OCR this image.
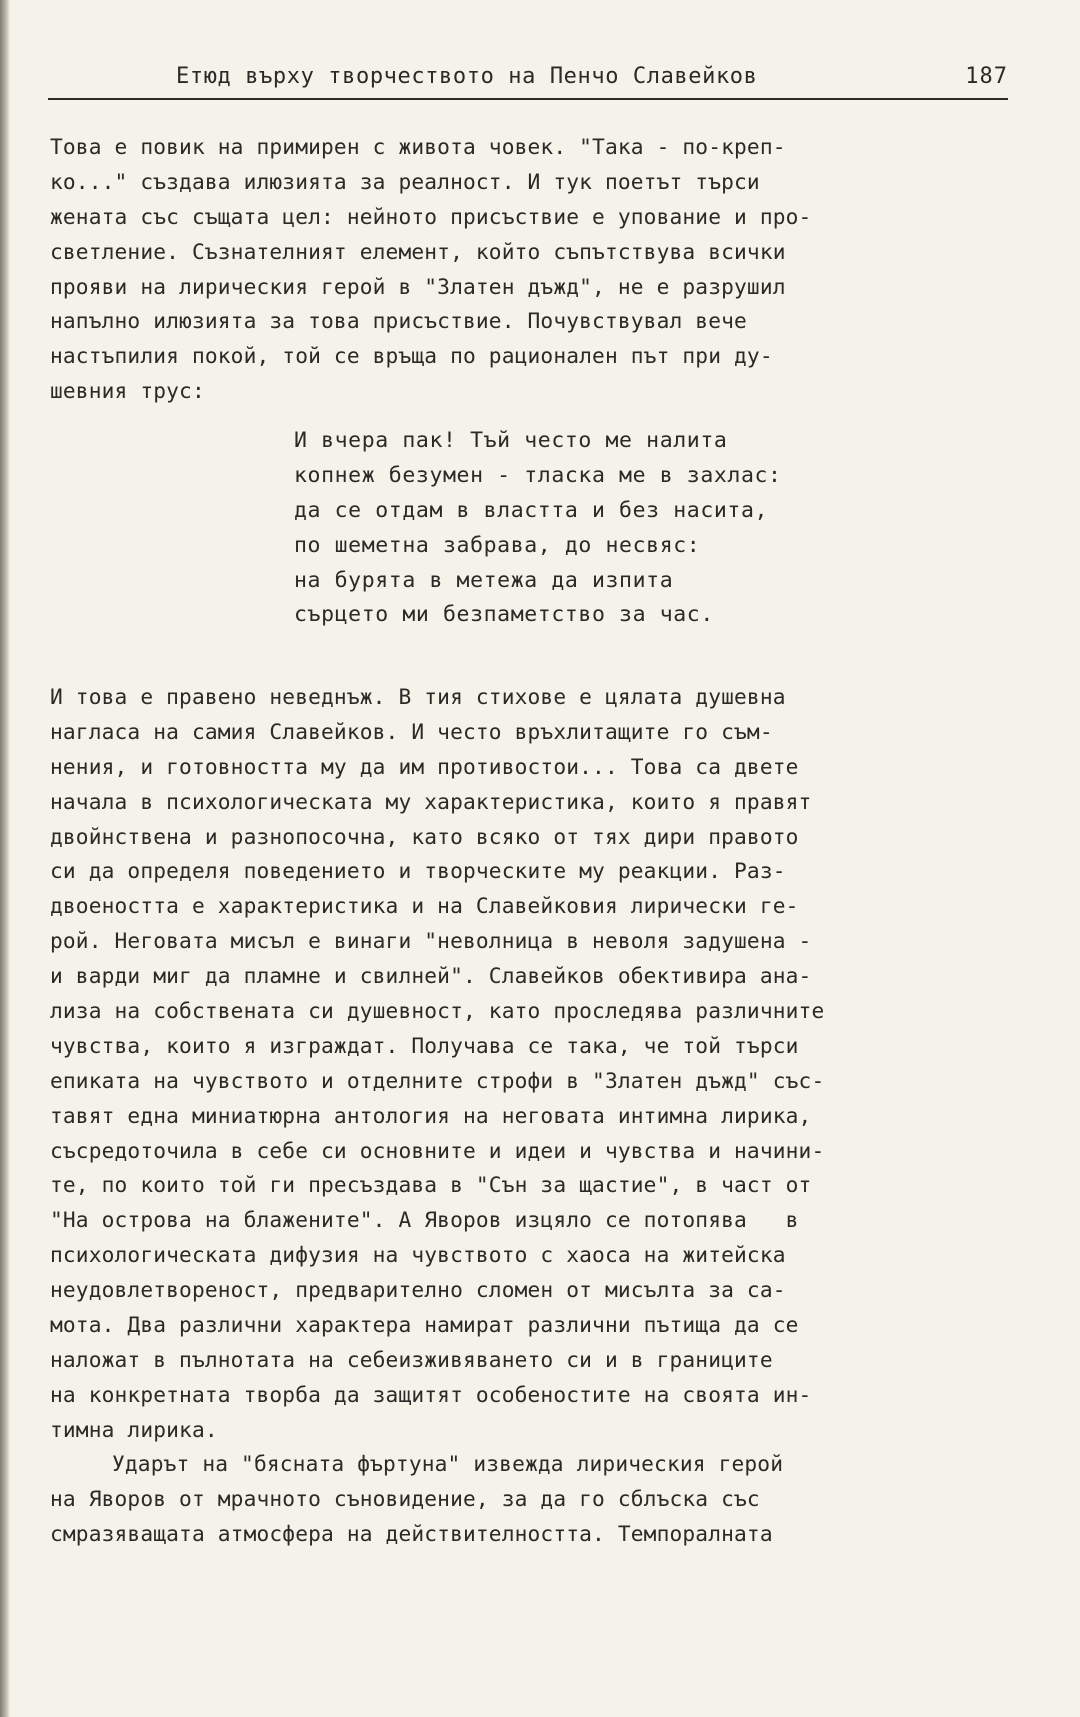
Етюд върху творчеството на Пенчо Славейков	187
Това е повик на примирен с живота човек. "Така - по-креп-
ко..." създава илюзията за реалност. И тук поетът търси
жената със същата цел: нейното присъствие е упование и про-
светление. Съзнателният елемент, който съпътствува всички
прояви на лирическия герой в "Златен дъжд", не е разрушил
напълно илюзията за това присъствие. Почувствувал вече
настъпилия покой, той се връща по рационален път при ду-
шевния трус:
И вчера пак! Тъй често ме налита
копнеж безумен - тласка ме в захлас:
да се отдам в властта и без насита,
по шеметна забрава, до несвяс:
на бурята в метежа да изпита
сърцето ми безпаметство за час.
И това е правено неведнъж. В тия стихове е цялата душевна
нагласа на самия Славейков. И често връхлитащите го съм-
нения, и готовността му да им противостои... Това са двете
начала в психологическата му характеристика, които я правят
двойнствена и разнопосочна, като всяко от тях дири правото
си да определя поведението и творческите му реакции. Раз-
двоеността е характеристика и на Славейковия лирически ге-
рой. Неговата мисъл е винаги "неволница в неволя задушена -
и варди миг да пламне и свилней". Славейков обективира ана-
лиза на собствената си душевност, като проследява различните
чувства, които я изграждат. Получава се така, че той търси
епиката на чувството и отделните строфи в "Златен дъжд" със-
тавят една миниатюрна антология на неговата интимна лирика,
съсредоточила в себе си основните и идеи и чувства и начини-
те, по които той ги пресъздава в "Сън за щастие", в част от
"На острова на блажените". А Яворов изцяло се потопява   в
психологическата дифузия на чувството с хаоса на житейска
неудовлетвореност, предварително сломен от мисълта за са-
мота. Два различни характера намират различни пътища да се
наложат в пълнотата на себеизживяването си и в границите
на конкретната творба да защитят особеностите на своята ин-
тимна лирика.
Ударът на "бясната фъртуна" извежда лирическия герой
на Яворов от мрачното съновидение, за да го сблъска със
смразяващата атмосфера на действителността. Темпоралната
